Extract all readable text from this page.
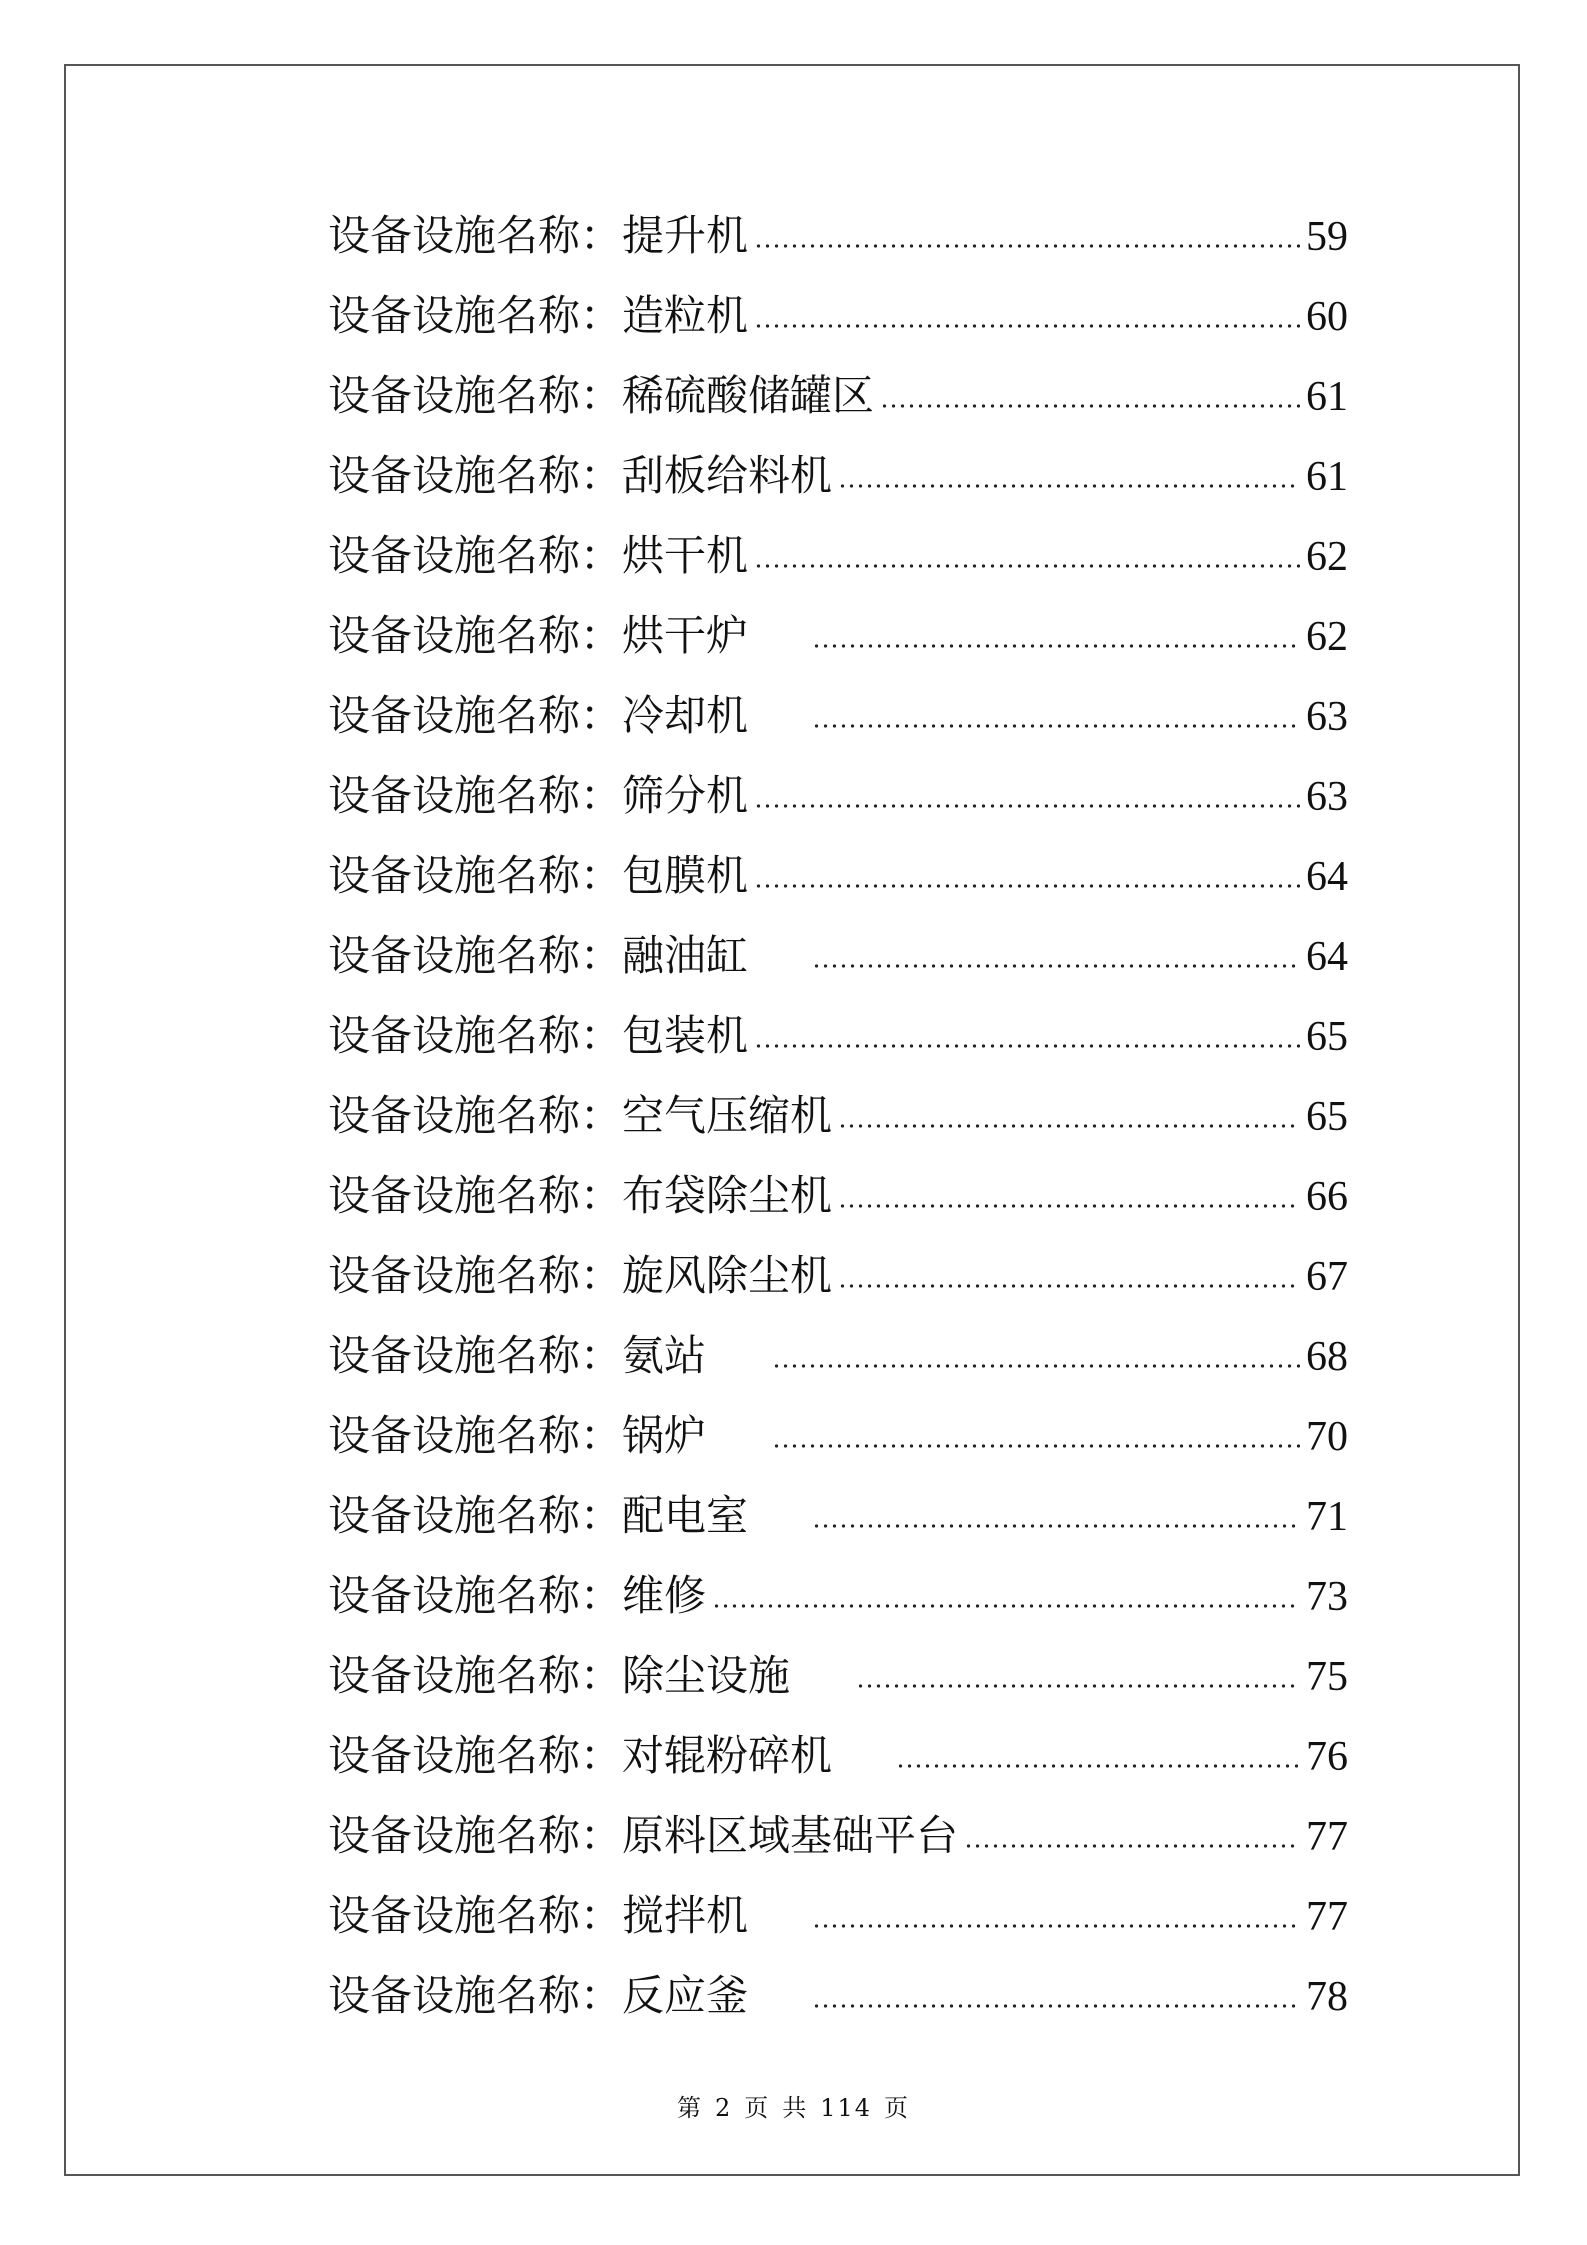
设备设施名称： 提升机	59
设备设施名称： 造粒机	60
设备设施名称： 稀硫酸储罐区	61
设备设施名称： 刮板给料机	61
设备设施名称： 烘干机	62
设备设施名称： 烘干炉	62
设备设施名称： 冷却机	63
设备设施名称： 筛分机	63
设备设施名称： 包膜机	64
设备设施名称： 融油缸	64
设备设施名称： 包装机	65
设备设施名称： 空气压缩机	65
设备设施名称： 布袋除尘机	66
设备设施名称： 旋风除尘机	67
设备设施名称： 氨站	68
设备设施名称： 锅炉	70
设备设施名称： 配电室	71
设备设施名称： 维修	73
设备设施名称： 除尘设施	75
设备设施名称： 对辊粉碎机	76
设备设施名称： 原料区域基础平台	77
设备设施名称： 搅拌机	77
设备设施名称： 反应釜	78
第 2 页 共 114 页
